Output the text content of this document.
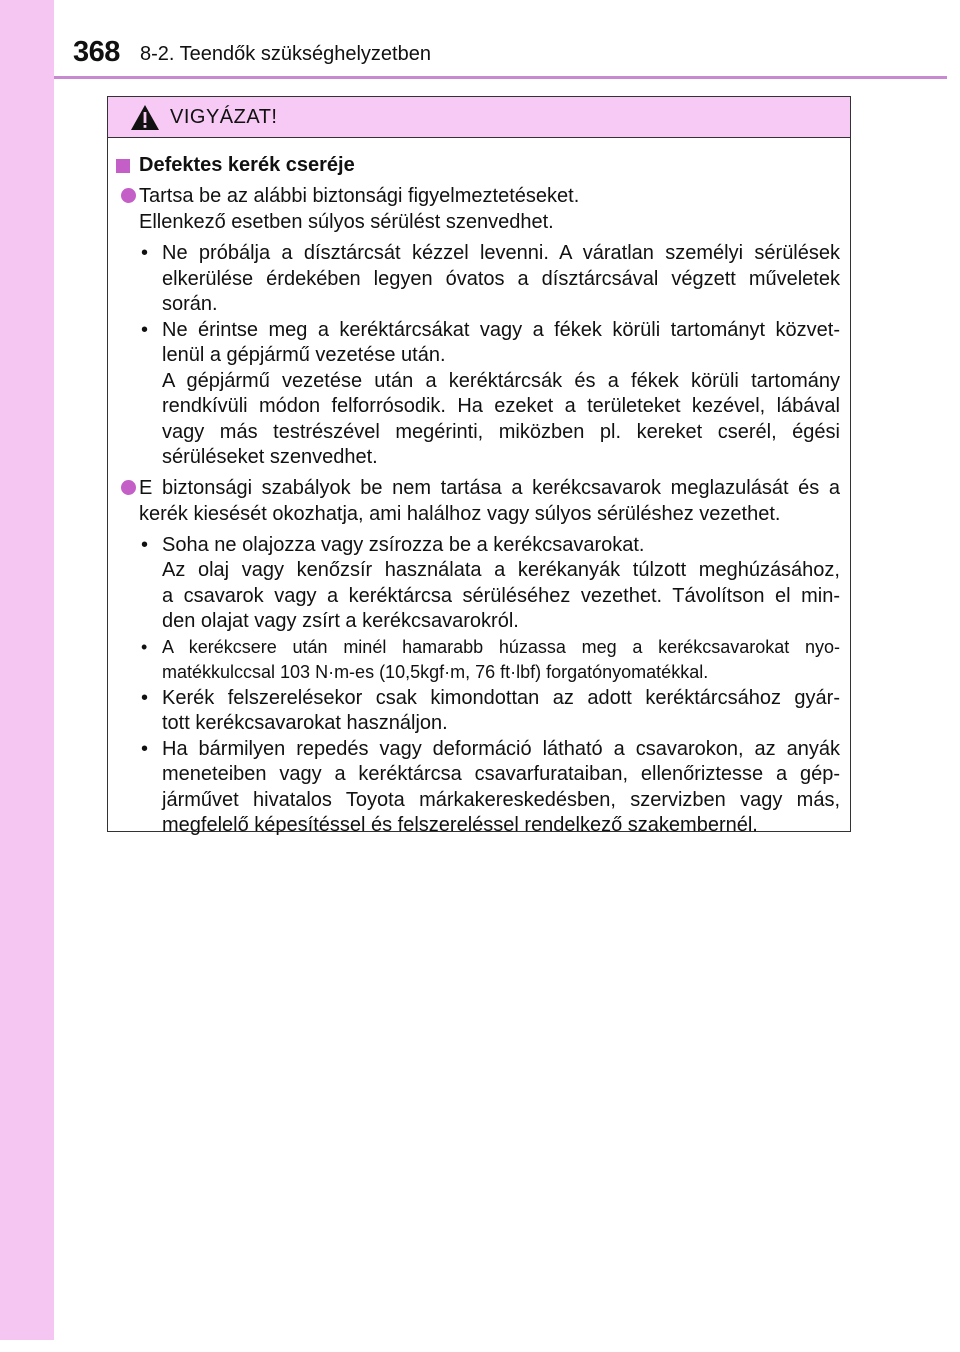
368 8-2. Teendők szükséghelyzetben
VIGYÁZAT!
Defektes kerék cseréje
Tartsa be az alábbi biztonsági figyelmeztetéseket.
Ellenkező esetben súlyos sérülést szenvedhet.
• Ne próbálja a dísztárcsát kézzel levenni. A váratlan személyi sérülések
elkerülése érdekében legyen óvatos a dísztárcsával végzett műveletek
során.
• Ne érintse meg a keréktárcsákat vagy a fékek körüli tartományt közvet-
lenül a gépjármű vezetése után.
A gépjármű vezetése után a keréktárcsák és a fékek körüli tartomány
rendkívüli módon felforrósodik. Ha ezeket a területeket kezével, lábával
vagy más testrészével megérinti, miközben pl. kereket cserél, égési
sérüléseket szenvedhet.
E biztonsági szabályok be nem tartása a kerékcsavarok meglazulását és a
kerék kiesését okozhatja, ami halálhoz vagy súlyos sérüléshez vezethet.
• Soha ne olajozza vagy zsírozza be a kerékcsavarokat.
Az olaj vagy kenőzsír használata a kerékanyák túlzott meghúzásához,
a csavarok vagy a keréktárcsa sérüléséhez vezethet. Távolítson el min-
den olajat vagy zsírt a kerékcsavarokról.
• A kerékcsere után minél hamarabb húzassa meg a kerékcsavarokat nyo-
matékkulccsal 103 N·m-es (10,5kgf·m, 76 ft·lbf) forgatónyomatékkal.
• Kerék felszerelésekor csak kimondottan az adott keréktárcsához gyár-
tott kerékcsavarokat használjon.
• Ha bármilyen repedés vagy deformáció látható a csavarokon, az anyák
meneteiben vagy a keréktárcsa csavarfurataiban, ellenőriztesse a gép-
járművet hivatalos Toyota márkakereskedésben, szervizben vagy más,
megfelelő képesítéssel és felszereléssel rendelkező szakembernél.
